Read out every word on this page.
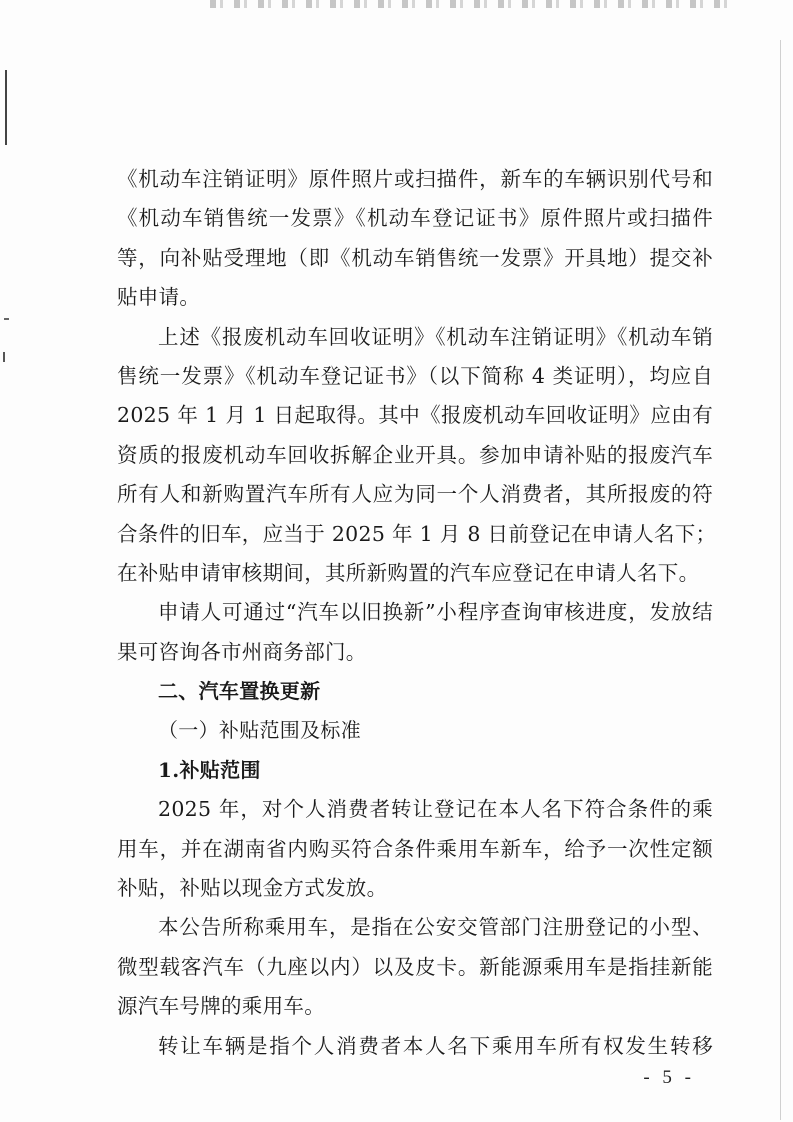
《机动车注销证明》原件照片或扫描件，新车的车辆识别代号和
《机动车销售统一发票》《机动车登记证书》原件照片或扫描件
等，向补贴受理地（即《机动车销售统一发票》开具地）提交补
贴申请。
上述《报废机动车回收证明》《机动车注销证明》《机动车销
售统一发票》《机动车登记证书》（以下简称 4 类证明），均应自
2025 年 1 月 1 日起取得。其中《报废机动车回收证明》应由有
资质的报废机动车回收拆解企业开具。参加申请补贴的报废汽车
所有人和新购置汽车所有人应为同一个人消费者，其所报废的符
合条件的旧车，应当于 2025 年 1 月 8 日前登记在申请人名下；
在补贴申请审核期间，其所新购置的汽车应登记在申请人名下。
申请人可通过“汽车以旧换新”小程序查询审核进度，发放结
果可咨询各市州商务部门。
二、汽车置换更新
（一）补贴范围及标准
1.补贴范围
2025 年，对个人消费者转让登记在本人名下符合条件的乘
用车，并在湖南省内购买符合条件乘用车新车，给予一次性定额
补贴，补贴以现金方式发放。
本公告所称乘用车，是指在公安交管部门注册登记的小型、
微型载客汽车（九座以内）以及皮卡。新能源乘用车是指挂新能
源汽车号牌的乘用车。
转让车辆是指个人消费者本人名下乘用车所有权发生转移
- 5 -
